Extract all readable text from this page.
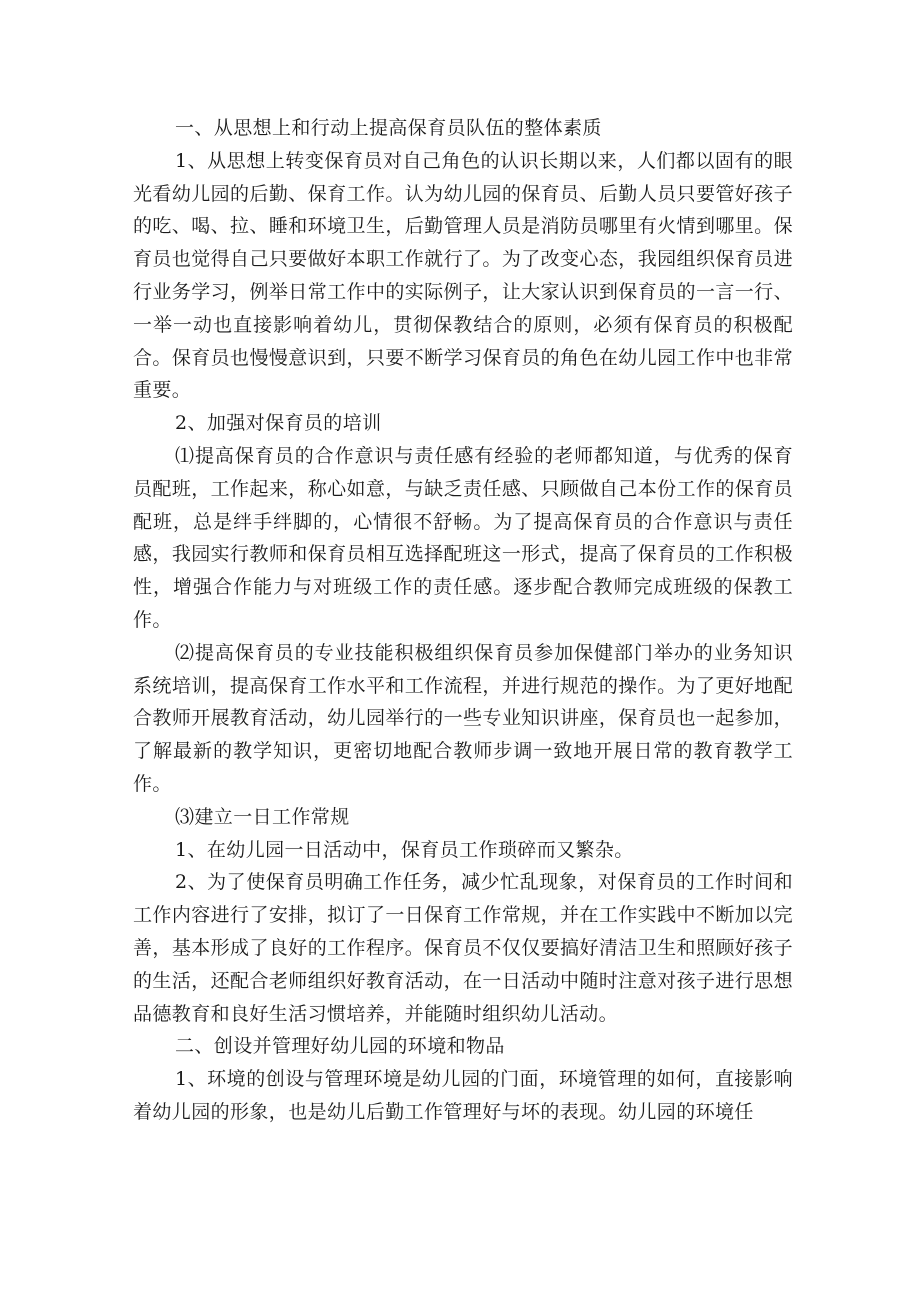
一、从思想上和行动上提高保育员队伍的整体素质

1、从思想上转变保育员对自己角色的认识长期以来，人们都以固有的眼光看幼儿园的后勤、保育工作。认为幼儿园的保育员、后勤人员只要管好孩子的吃、喝、拉、睡和环境卫生，后勤管理人员是消防员哪里有火情到哪里。保育员也觉得自己只要做好本职工作就行了。为了改变心态，我园组织保育员进行业务学习，例举日常工作中的实际例子，让大家认识到保育员的一言一行、一举一动也直接影响着幼儿，贯彻保教结合的原则，必须有保育员的积极配合。保育员也慢慢意识到，只要不断学习保育员的角色在幼儿园工作中也非常重要。

2、加强对保育员的培训

⑴提高保育员的合作意识与责任感有经验的老师都知道，与优秀的保育员配班，工作起来，称心如意，与缺乏责任感、只顾做自己本份工作的保育员配班，总是绊手绊脚的，心情很不舒畅。为了提高保育员的合作意识与责任感，我园实行教师和保育员相互选择配班这一形式，提高了保育员的工作积极性，增强合作能力与对班级工作的责任感。逐步配合教师完成班级的保教工作。

⑵提高保育员的专业技能积极组织保育员参加保健部门举办的业务知识系统培训，提高保育工作水平和工作流程，并进行规范的操作。为了更好地配合教师开展教育活动，幼儿园举行的一些专业知识讲座，保育员也一起参加，了解最新的教学知识，更密切地配合教师步调一致地开展日常的教育教学工作。

⑶建立一日工作常规

1、在幼儿园一日活动中，保育员工作琐碎而又繁杂。

2、为了使保育员明确工作任务，减少忙乱现象，对保育员的工作时间和工作内容进行了安排，拟订了一日保育工作常规，并在工作实践中不断加以完善，基本形成了良好的工作程序。保育员不仅仅要搞好清洁卫生和照顾好孩子的生活，还配合老师组织好教育活动，在一日活动中随时注意对孩子进行思想品德教育和良好生活习惯培养，并能随时组织幼儿活动。

二、创设并管理好幼儿园的环境和物品

1、环境的创设与管理环境是幼儿园的门面，环境管理的如何，直接影响着幼儿园的形象，也是幼儿后勤工作管理好与坏的表现。幼儿园的环境任
